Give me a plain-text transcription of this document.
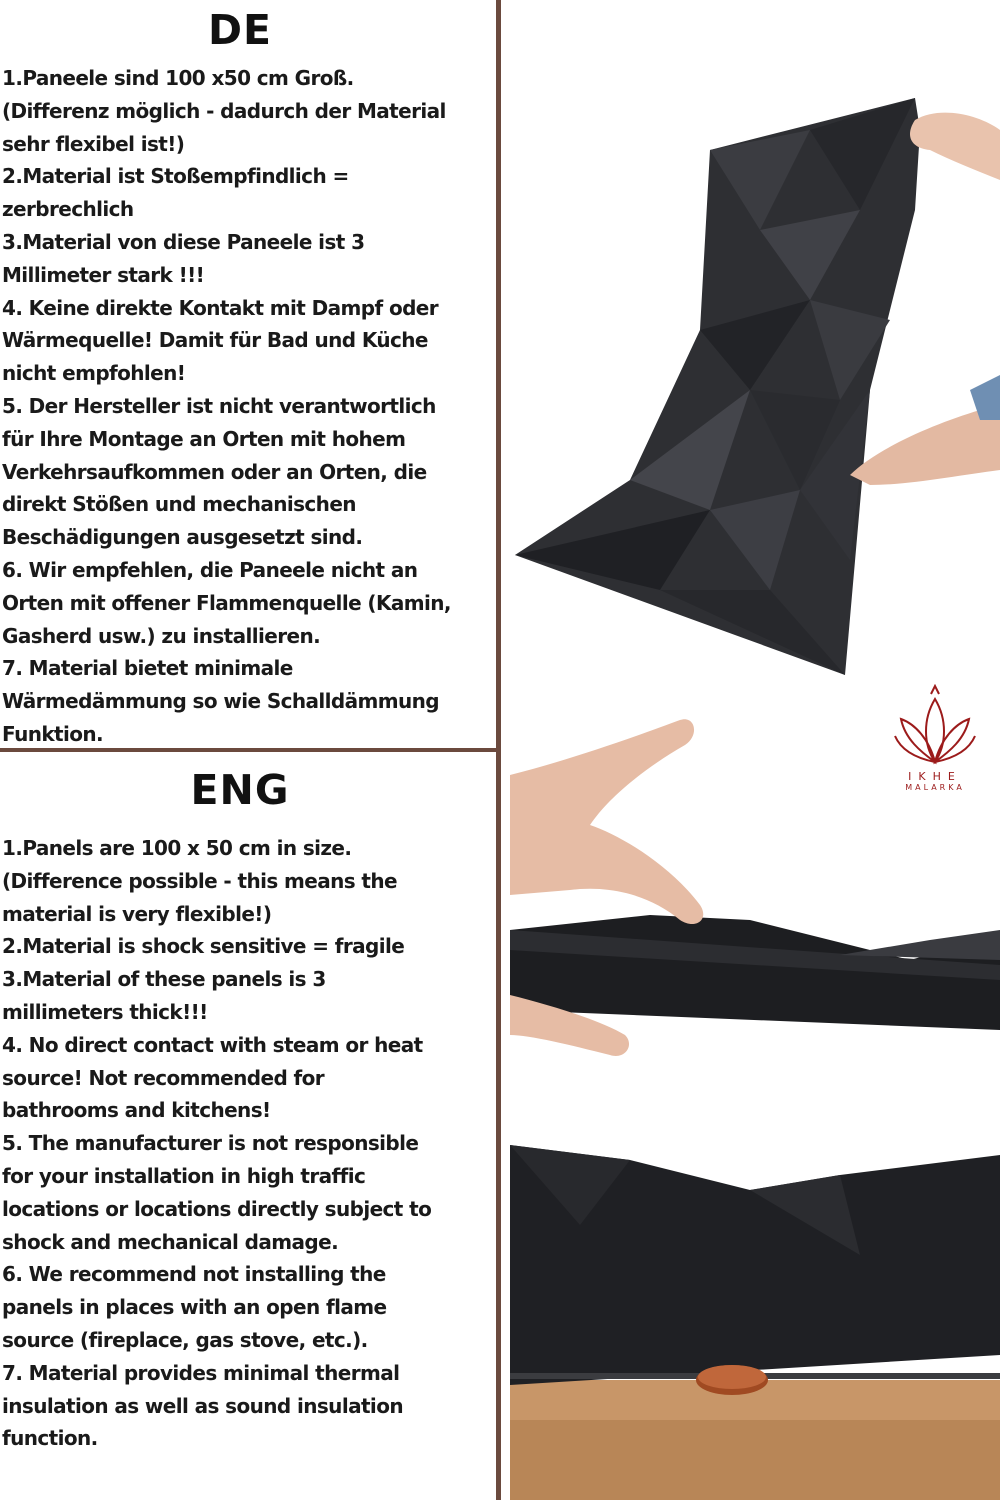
DE
1.Paneele sind 100 x50 cm Groß.
(Differenz möglich - dadurch der Material
sehr flexibel ist!)
2.Material ist Stoßempfindlich =
zerbrechlich
3.Material von diese Paneele ist 3
Millimeter stark !!!
4. Keine direkte Kontakt mit Dampf oder
Wärmequelle! Damit für Bad und Küche
nicht empfohlen!
5. Der Hersteller ist nicht verantwortlich
für Ihre Montage an Orten mit hohem
Verkehrsaufkommen oder an Orten, die
direkt Stößen und mechanischen
Beschädigungen ausgesetzt sind.
6. Wir empfehlen, die Paneele nicht an
Orten mit offener Flammenquelle (Kamin,
Gasherd usw.) zu installieren.
7. Material bietet minimale
Wärmedämmung so wie Schalldämmung
Funktion.
ENG
1.Panels are 100 x 50 cm in size.
(Difference possible - this means the
material is very flexible!)
2.Material is shock sensitive = fragile
3.Material of these panels is 3
millimeters thick!!!
4. No direct contact with steam or heat
source! Not recommended for
bathrooms and kitchens!
5. The manufacturer is not responsible
for your installation in high traffic
locations or locations directly subject to
shock and mechanical damage.
6. We recommend not installing the
panels in places with an open flame
source (fireplace, gas stove, etc.).
7. Material provides minimal thermal
insulation as well as sound insulation
function.
IKHE
MALARKA
